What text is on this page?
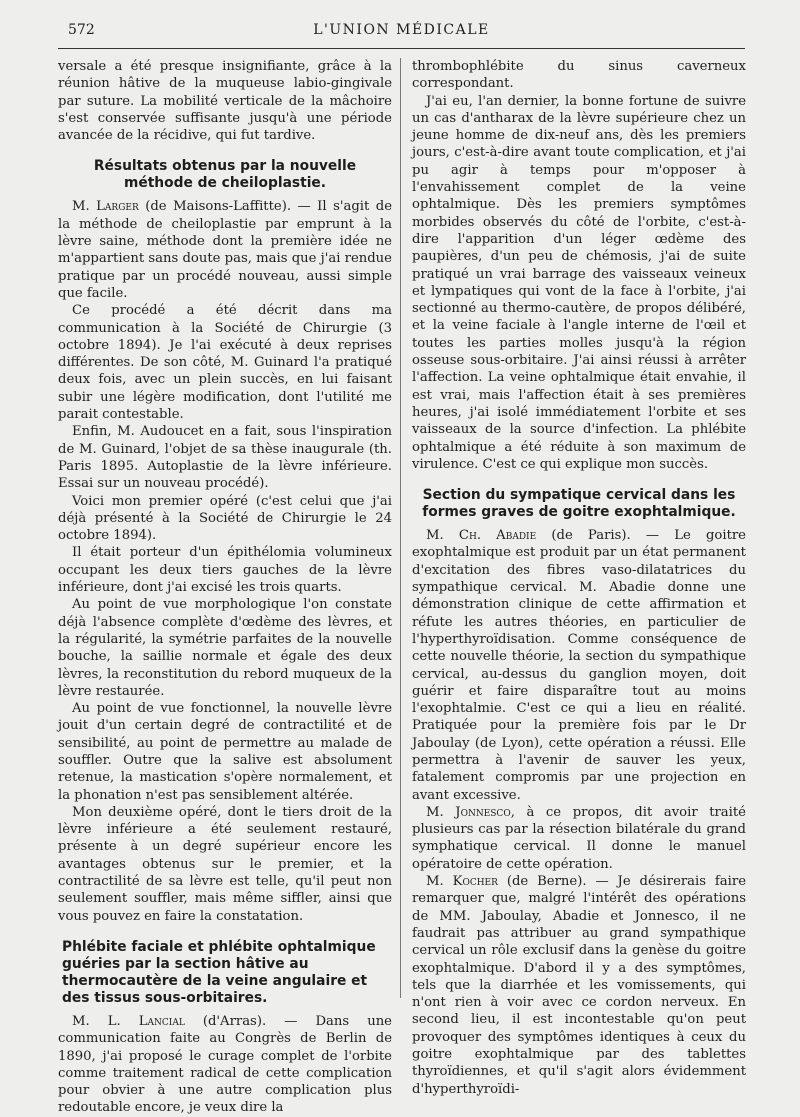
572	L'UNION MÉDICALE

versale a été presque insignifiante, grâce à la réunion hâtive de la muqueuse labio-gingivale par suture. La mobilité verticale de la mâchoire s'est conservée suffisante jusqu'à une période avancée de la récidive, qui fut tardive.

Résultats obtenus par la nouvelle méthode de cheiloplastie.

M. Larger (de Maisons-Laffitte). — Il s'agit de la méthode de cheiloplastie par emprunt à la lèvre saine, méthode dont la première idée ne m'appartient sans doute pas, mais que j'ai rendue pratique par un procédé nouveau, aussi simple que facile.

Ce procédé a été décrit dans ma communication à la Société de Chirurgie (3 octobre 1894). Je l'ai exécuté à deux reprises différentes. De son côté, M. Guinard l'a pratiqué deux fois, avec un plein succès, en lui faisant subir une légère modification, dont l'utilité me parait contestable.

Enfin, M. Audoucet en a fait, sous l'inspiration de M. Guinard, l'objet de sa thèse inaugurale (th. Paris 1895. Autoplastie de la lèvre inférieure. Essai sur un nouveau procédé).

Voici mon premier opéré (c'est celui que j'ai déjà présenté à la Société de Chirurgie le 24 octobre 1894).

Il était porteur d'un épithélomia volumineux occupant les deux tiers gauches de la lèvre inférieure, dont j'ai excisé les trois quarts.

Au point de vue morphologique l'on constate déjà l'absence complète d'œdème des lèvres, et la régularité, la symétrie parfaites de la nouvelle bouche, la saillie normale et égale des deux lèvres, la reconstitution du rebord muqueux de la lèvre restaurée.

Au point de vue fonctionnel, la nouvelle lèvre jouit d'un certain degré de contractilité et de sensibilité, au point de permettre au malade de souffler. Outre que la salive est absolument retenue, la mastication s'opère normalement, et la phonation n'est pas sensiblement altérée.

Mon deuxième opéré, dont le tiers droit de la lèvre inférieure a été seulement restauré, présente à un degré supérieur encore les avantages obtenus sur le premier, et la contractilité de sa lèvre est telle, qu'il peut non seulement souffler, mais même siffler, ainsi que vous pouvez en faire la constatation.

Phlébite faciale et phlébite ophtalmique guéries par la section hâtive au thermocautère de la veine angulaire et des tissus sous-orbitaires.

M. L. Lancial (d'Arras). — Dans une communication faite au Congrès de Berlin de 1890, j'ai proposé le curage complet de l'orbite comme traitement radical de cette complication pour obvier à une autre complication plus redoutable encore, je veux dire la

thrombophlébite du sinus caverneux correspondant.

J'ai eu, l'an dernier, la bonne fortune de suivre un cas d'antharax de la lèvre supérieure chez un jeune homme de dix-neuf ans, dès les premiers jours, c'est-à-dire avant toute complication, et j'ai pu agir à temps pour m'opposer à l'envahissement complet de la veine ophtalmique. Dès les premiers symptômes morbides observés du côté de l'orbite, c'est-à-dire l'apparition d'un léger œdème des paupières, d'un peu de chémosis, j'ai de suite pratiqué un vrai barrage des vaisseaux veineux et lympatiques qui vont de la face à l'orbite, j'ai sectionné au thermo-cautère, de propos délibéré, et la veine faciale à l'angle interne de l'œil et toutes les parties molles jusqu'à la région osseuse sous-orbitaire. J'ai ainsi réussi à arrêter l'affection. La veine ophtalmique était envahie, il est vrai, mais l'affection était à ses premières heures, j'ai isolé immédiatement l'orbite et ses vaisseaux de la source d'infection. La phlébite ophtalmique a été réduite à son maximum de virulence. C'est ce qui explique mon succès.

Section du sympatique cervical dans les formes graves de goitre exophtalmique.

M. Ch. Abadie (de Paris). — Le goitre exophtalmique est produit par un état permanent d'excitation des fibres vaso-dilatatrices du sympathique cervical. M. Abadie donne une démonstration clinique de cette affirmation et réfute les autres théories, en particulier de l'hyperthyroïdisation. Comme conséquence de cette nouvelle théorie, la section du sympathique cervical, au-dessus du ganglion moyen, doit guérir et faire disparaître tout au moins l'exophtalmie. C'est ce qui a lieu en réalité. Pratiquée pour la première fois par le Dr Jaboulay (de Lyon), cette opération a réussi. Elle permettra à l'avenir de sauver les yeux, fatalement compromis par une projection en avant excessive.

M. Jonnesco, à ce propos, dit avoir traité plusieurs cas par la résection bilatérale du grand symphatique cervical. Il donne le manuel opératoire de cette opération.

M. Kocher (de Berne). — Je désirerais faire remarquer que, malgré l'intérêt des opérations de MM. Jaboulay, Abadie et Jonnesco, il ne faudrait pas attribuer au grand sympathique cervical un rôle exclusif dans la genèse du goitre exophtalmique. D'abord il y a des symptômes, tels que la diarrhée et les vomissements, qui n'ont rien à voir avec ce cordon nerveux. En second lieu, il est incontestable qu'on peut provoquer des symptômes identiques à ceux du goitre exophtalmique par des tablettes thyroïdiennes, et qu'il s'agit alors évidemment d'hyperthyroïdi-
